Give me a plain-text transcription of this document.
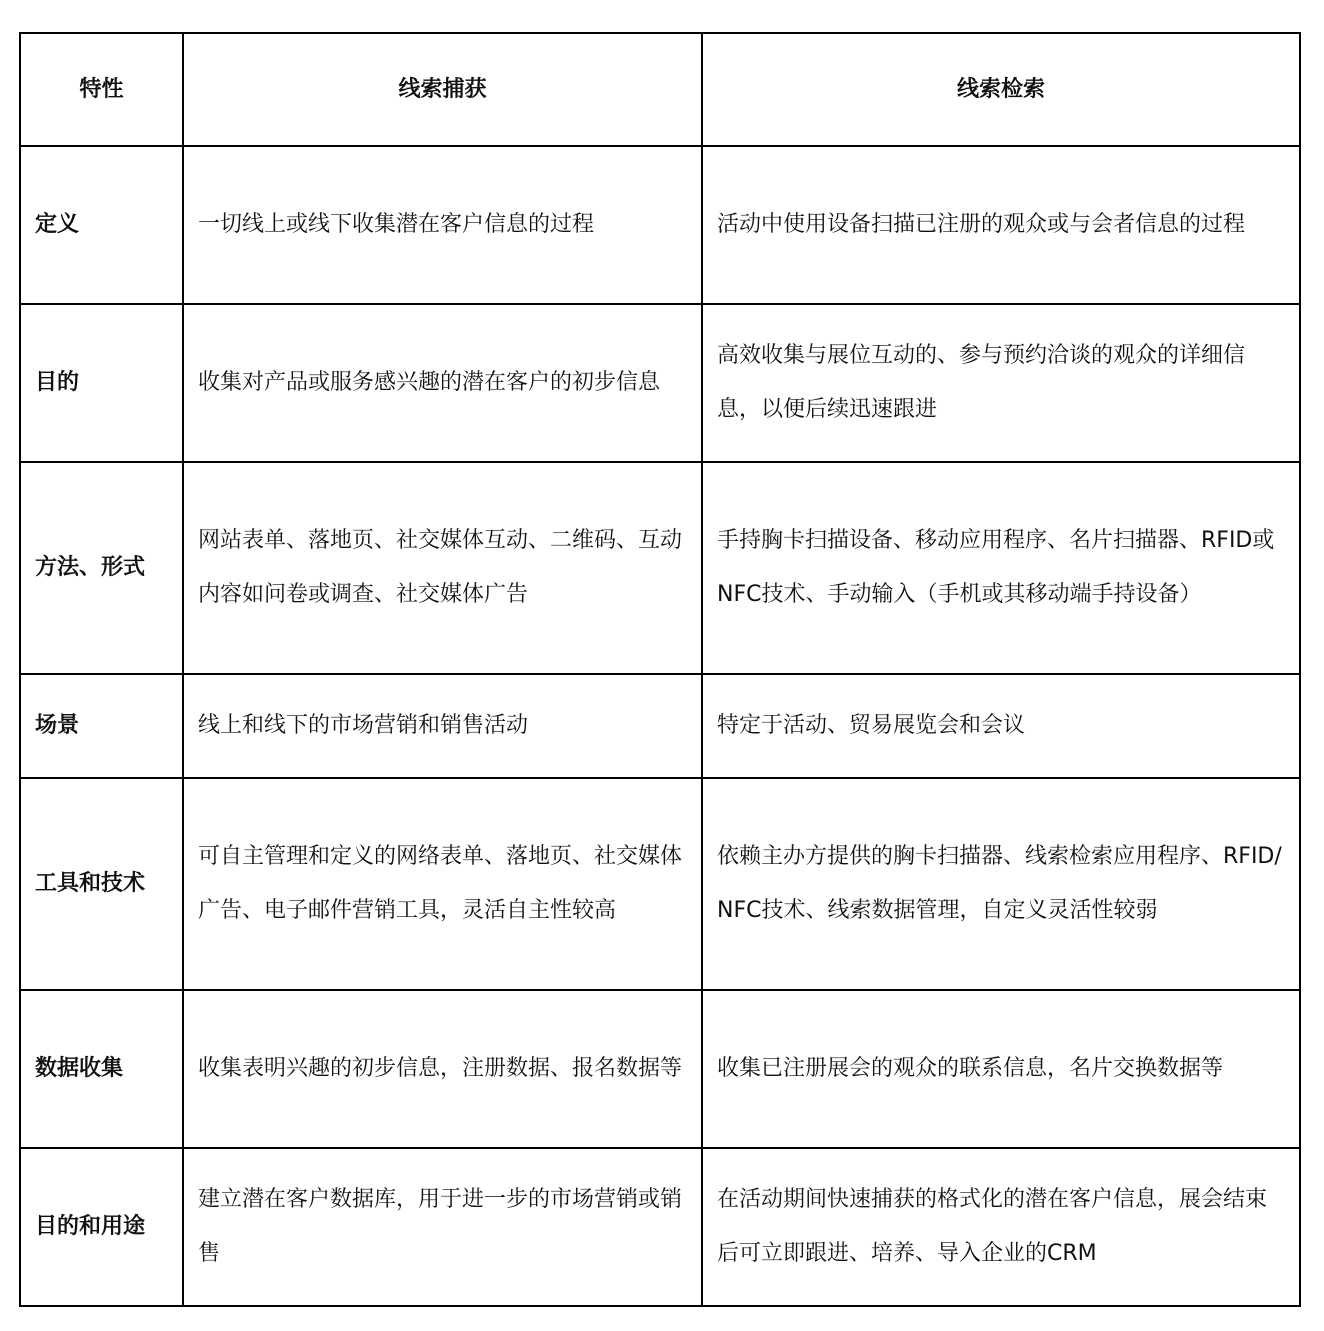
特性	线索捕获	线索检索
定义	一切线上或线下收集潜在客户信息的过程	活动中使用设备扫描已注册的观众或与会者信息的过程
目的	收集对产品或服务感兴趣的潜在客户的初步信息	高效收集与展位互动的、参与预约洽谈的观众的详细信息，以便后续迅速跟进
方法、形式	网站表单、落地页、社交媒体互动、二维码、互动内容如问卷或调查、社交媒体广告	手持胸卡扫描设备、移动应用程序、名片扫描器、RFID或NFC技术、手动输入（手机或其移动端手持设备）
场景	线上和线下的市场营销和销售活动	特定于活动、贸易展览会和会议
工具和技术	可自主管理和定义的网络表单、落地页、社交媒体广告、电子邮件营销工具，灵活自主性较高	依赖主办方提供的胸卡扫描器、线索检索应用程序、RFID/NFC技术、线索数据管理，自定义灵活性较弱
数据收集	收集表明兴趣的初步信息，注册数据、报名数据等	收集已注册展会的观众的联系信息，名片交换数据等
目的和用途	建立潜在客户数据库，用于进一步的市场营销或销售	在活动期间快速捕获的格式化的潜在客户信息，展会结束后可立即跟进、培养、导入企业的CRM
